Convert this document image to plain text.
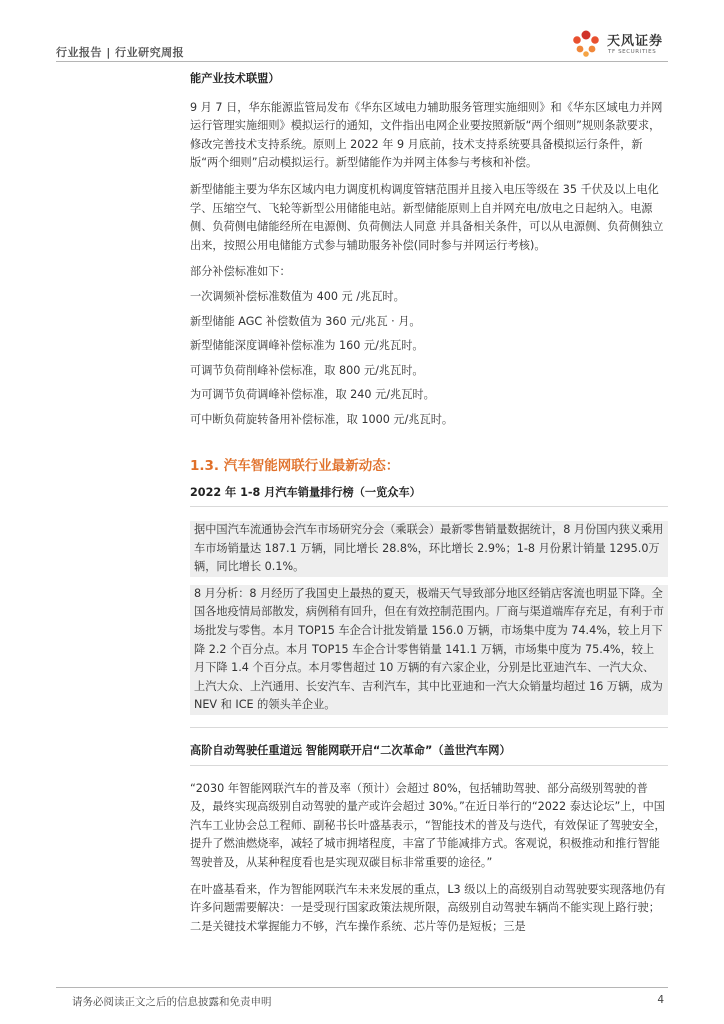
行业报告 | 行业研究周报
天风证券
TF SECURITIES

能产业技术联盟）

9 月 7 日，华东能源监管局发布《华东区域电力辅助服务管理实施细则》和《华东区域电力并网运行管理实施细则》模拟运行的通知，文件指出电网企业要按照新版“两个细则”规则条款要求，修改完善技术支持系统。原则上 2022 年 9 月底前，技术支持系统要具备模拟运行条件，新版“两个细则”启动模拟运行。新型储能作为并网主体参与考核和补偿。

新型储能主要为华东区域内电力调度机构调度管辖范围并且接入电压等级在 35 千伏及以上电化学、压缩空气、飞轮等新型公用储能电站。新型储能原则上自并网充电/放电之日起纳入。电源侧、负荷侧电储能经所在电源侧、负荷侧法人同意 并具备相关条件，可以从电源侧、负荷侧独立出来，按照公用电储能方式参与辅助服务补偿(同时参与并网运行考核)。

部分补偿标准如下：

一次调频补偿标准数值为 400 元 /兆瓦时。

新型储能 AGC 补偿数值为 360 元/兆瓦 · 月。

新型储能深度调峰补偿标准为 160 元/兆瓦时。

可调节负荷削峰补偿标准，取 800 元/兆瓦时。

为可调节负荷调峰补偿标准，取 240 元/兆瓦时。

可中断负荷旋转备用补偿标准，取 1000 元/兆瓦时。

1.3. 汽车智能网联行业最新动态：

2022 年 1-8 月汽车销量排行榜（一览众车）

据中国汽车流通协会汽车市场研究分会（乘联会）最新零售销量数据统计，8 月份国内狭义乘用车市场销量达 187.1 万辆，同比增长 28.8%，环比增长 2.9%；1-8 月份累计销量 1295.0万辆，同比增长 0.1%。

8 月分析：8 月经历了我国史上最热的夏天，极端天气导致部分地区经销店客流也明显下降。全国各地疫情局部散发，病例稍有回升，但在有效控制范围内。厂商与渠道端库存充足，有利于市场批发与零售。本月 TOP15 车企合计批发销量 156.0 万辆，市场集中度为 74.4%，较上月下降 2.2 个百分点。本月 TOP15 车企合计零售销量 141.1 万辆，市场集中度为 75.4%，较上月下降 1.4 个百分点。本月零售超过 10 万辆的有六家企业，分别是比亚迪汽车、一汽大众、上汽大众、上汽通用、长安汽车、吉利汽车，其中比亚迪和一汽大众销量均超过 16 万辆，成为 NEV 和 ICE 的领头羊企业。

高阶自动驾驶任重道远 智能网联开启“二次革命”（盖世汽车网）

“2030 年智能网联汽车的普及率（预计）会超过 80%，包括辅助驾驶、部分高级别驾驶的普及，最终实现高级别自动驾驶的量产或许会超过 30%。”在近日举行的“2022 泰达论坛”上，中国汽车工业协会总工程师、副秘书长叶盛基表示，“智能技术的普及与迭代，有效保证了驾驶安全，提升了燃油燃烧率，减轻了城市拥堵程度，丰富了节能减排方式。客观说，积极推动和推行智能驾驶普及，从某种程度看也是实现双碳目标非常重要的途径。”

在叶盛基看来，作为智能网联汽车未来发展的重点，L3 级以上的高级别自动驾驶要实现落地仍有许多问题需要解决：一是受现行国家政策法规所限，高级别自动驾驶车辆尚不能实现上路行驶；二是关键技术掌握能力不够，汽车操作系统、芯片等仍是短板；三是

请务必阅读正文之后的信息披露和免责申明	4
